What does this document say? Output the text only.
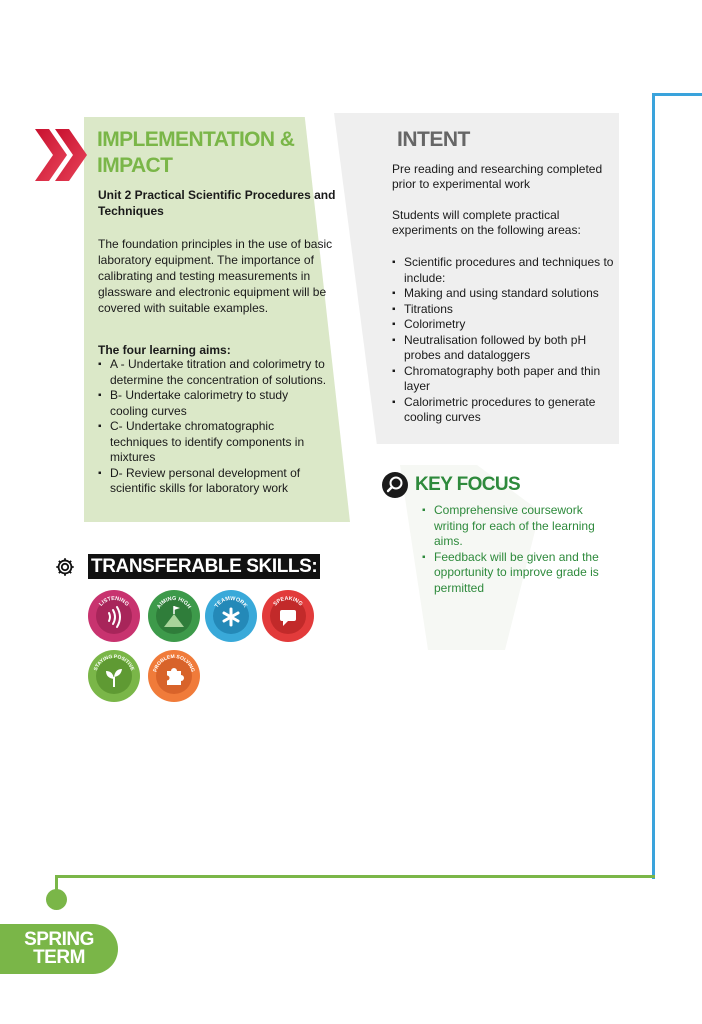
SPRING
TERM
IMPLEMENTATION &
IMPACT
Unit 2 Practical Scientific Procedures and Techniques
The foundation principles in the use of basic laboratory equipment. The importance of calibrating and testing measurements in glassware and electronic equipment will be covered with suitable examples.
The four learning aims:
▪ A - Undertake titration and colorimetry to determine the concentration of solutions.
▪ B- Undertake calorimetry to study cooling curves
▪ C- Undertake chromatographic techniques to identify components in mixtures
▪ D- Review personal development of scientific skills for laboratory work
INTENT
Pre reading and researching completed prior to experimental work
Students will complete practical experiments on the following areas:
▪ Scientific procedures and techniques to include:
▪ Making and using standard solutions
▪ Titrations
▪ Colorimetry
▪ Neutralisation followed by both pH probes and dataloggers
▪ Chromatography both paper and thin layer
▪ Calorimetric procedures to generate cooling curves
KEY FOCUS
▪ Comprehensive coursework writing for each of the learning aims.
▪ Feedback will be given and the opportunity to improve grade is permitted
TRANSFERABLE SKILLS:
LISTENING	AIMING HIGH	TEAMWORK	SPEAKING
STAYING POSITIVE	PROBLEM SOLVING
